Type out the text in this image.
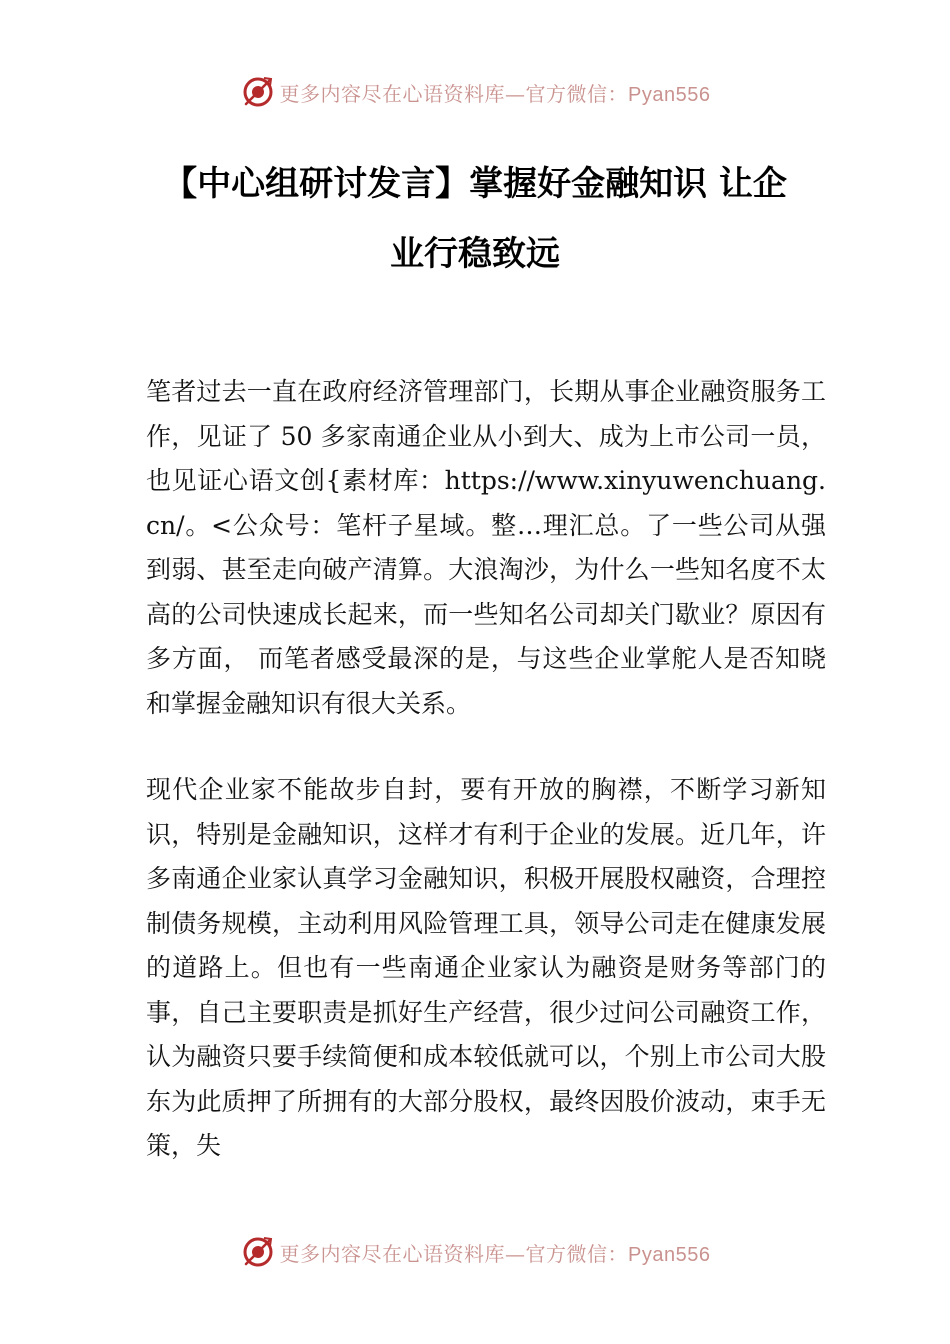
更多内容尽在心语资料库—官方微信：Pyan556
【中心组研讨发言】掌握好金融知识 让企
业行稳致远

笔者过去一直在政府经济管理部门，长期从事企业融资服务工作，见证了 50 多家南通企业从小到大、成为上市公司一员，也见证心语文创{素材库：https://www.xinyuwenchuang.cn/。<公众号：笔杆子星域。整…理汇总。了一些公司从强到弱、甚至走向破产清算。大浪淘沙，为什么一些知名度不太高的公司快速成长起来，而一些知名公司却关门歇业？原因有多方面， 而笔者感受最深的是，与这些企业掌舵人是否知晓和掌握金融知识有很大关系。

现代企业家不能故步自封，要有开放的胸襟，不断学习新知识，特别是金融知识，这样才有利于企业的发展。近几年，许多南通企业家认真学习金融知识，积极开展股权融资，合理控制债务规模，主动利用风险管理工具，领导公司走在健康发展的道路上。但也有一些南通企业家认为融资是财务等部门的事，自己主要职责是抓好生产经营，很少过问公司融资工作，认为融资只要手续简便和成本较低就可以，个别上市公司大股东为此质押了所拥有的大部分股权，最终因股价波动，束手无策，失

更多内容尽在心语资料库—官方微信：Pyan556
